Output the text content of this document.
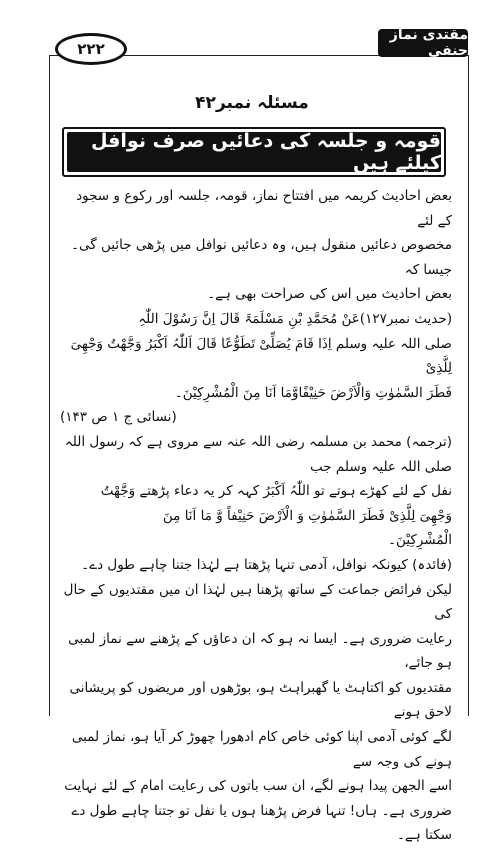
۲۲۲
مقتدی نماز حنفی
مسئلہ نمبر۴۲
قومہ و جلسہ کی دعائیں صرف نوافل کیلئے ہیں

بعض احادیث کریمہ میں افتتاح نماز، قومہ، جلسہ اور رکوع و سجود کے لئے

مخصوص دعائیں منقول ہیں، وہ دعائیں نوافل میں پڑھی جائیں گی۔ جیسا کہ

بعض احادیث میں اس کی صراحت بھی ہے۔

(حدیث نمبر۱۲۷)عَنْ مُحَمَّدِ بْنِ مَسْلَمَۃَ قَالَ اِنَّ رَسُوْلَ اللّٰہِ

صلی اللہ علیہ وسلم اِذَا قَامَ یُصَلِّیْ تَطَوُّعًا قَالَ اَللّٰہُ اَکْبَرُ وَجَّھْتُ وَجْھِیَ لِلَّذِیْ

فَطَرَ السَّمٰوٰتِ وَالْاَرْضَ حَنِیْفًاوَّمَا اَنَا مِنَ الْمُشْرِکِیْنَ۔

(نسائی ج ۱ ص ۱۴۳)

(ترجمہ) محمد بن مسلمہ رضی اللہ عنہ سے مروی ہے کہ رسول اللہ صلی اللہ علیہ وسلم جب

نفل کے لئے کھڑے ہوتے تو اللّٰہُ اَکْبَرُ کہہ کر یہ دعاء پڑھتے وَجَّھْتُ

وَجْھِیَ لِلَّذِیْ فَطَرَ السَّمٰوٰتِ وَ الْاَرْضَ حَنِیْفاً وَّ مَا اَنَا مِنَ

الْمُشْرِکِیْنَ۔

(فائدہ) کیونکہ نوافل، آدمی تنہا پڑھتا ہے لہٰذا جتنا چاہے طول دے۔

لیکن فرائض جماعت کے ساتھ پڑھنا ہیں لہٰذا ان میں مقتدیوں کے حال کی

رعایت ضروری ہے۔ ایسا نہ ہو کہ ان دعاؤں کے پڑھنے سے نماز لمبی ہو جائے،

مقتدیوں کو اکتاہٹ یا گھبراہٹ ہو، بوڑھوں اور مریضوں کو پریشانی لاحق ہونے

لگے کوئی آدمی اپنا کوئی خاص کام ادھورا چھوڑ کر آیا ہو، نماز لمبی ہونے کی وجہ سے

اسے الجھن پیدا ہونے لگے، ان سب باتوں کی رعایت امام کے لئے نہایت

ضروری ہے۔ ہاں! تنہا فرض پڑھنا ہوں یا نفل تو جتنا چاہے طول دے سکتا ہے۔
